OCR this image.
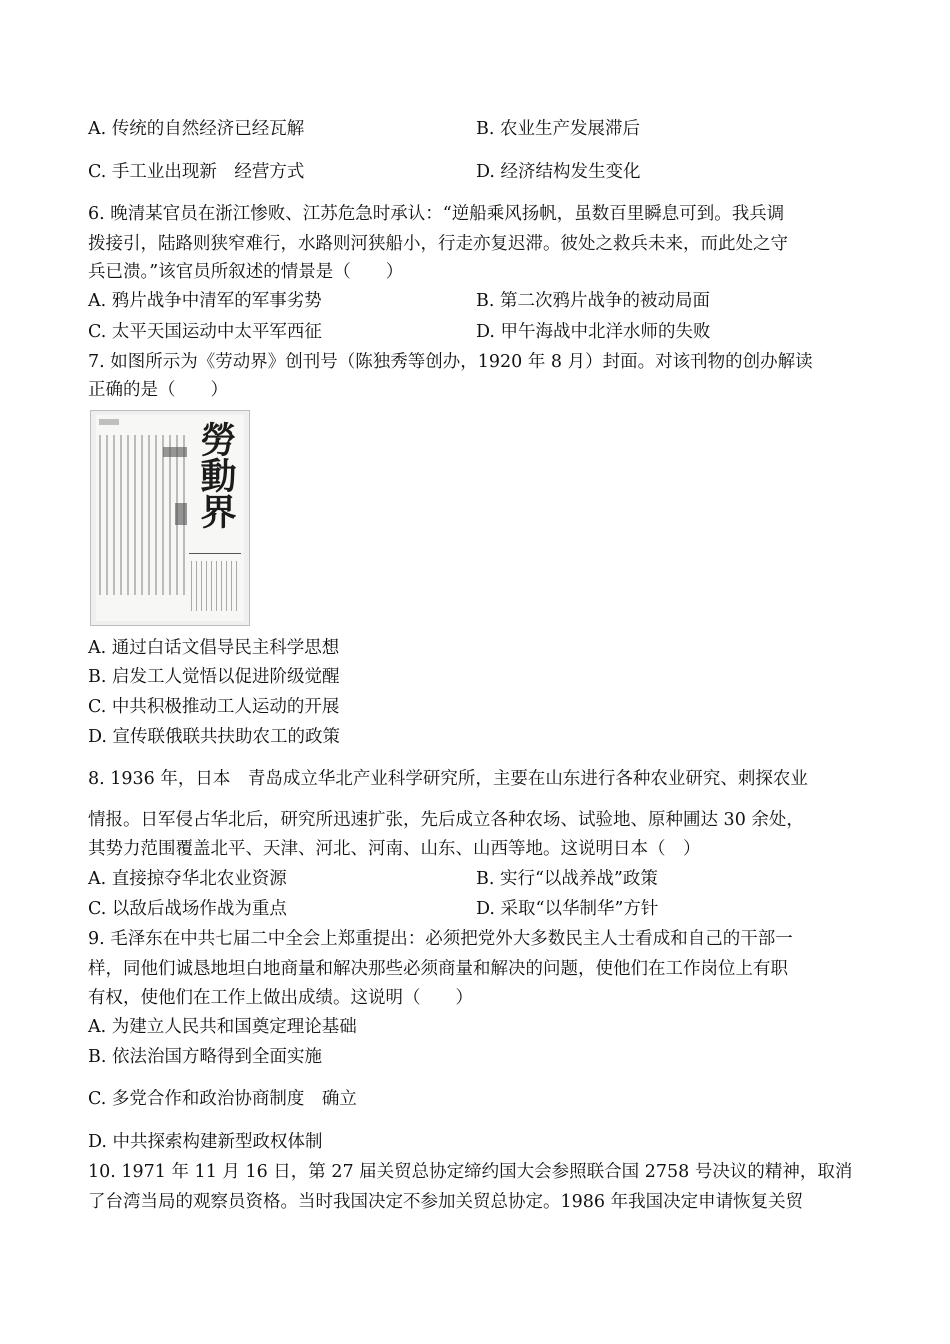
A. 传统的自然经济已经瓦解	B. 农业生产发展滞后
C. 手工业出现新　经营方式	D. 经济结构发生变化
6. 晚清某官员在浙江惨败、江苏危急时承认：“逆船乘风扬帆，虽数百里瞬息可到。我兵调
拨接引，陆路则狭窄难行，水路则河狭船小，行走亦复迟滞。彼处之救兵未来，而此处之守
兵已溃。”该官员所叙述的情景是（　　）
A. 鸦片战争中清军的军事劣势	B. 第二次鸦片战争的被动局面
C. 太平天国运动中太平军西征	D. 甲午海战中北洋水师的失败
7. 如图所示为《劳动界》创刊号（陈独秀等创办，1920 年 8 月）封面。对该刊物的创办解读
正确的是（　　）
勞動界
A. 通过白话文倡导民主科学思想
B. 启发工人觉悟以促进阶级觉醒
C. 中共积极推动工人运动的开展
D. 宣传联俄联共扶助农工的政策
8. 1936 年，日本　青岛成立华北产业科学研究所，主要在山东进行各种农业研究、刺探农业
情报。日军侵占华北后，研究所迅速扩张，先后成立各种农场、试验地、原种圃达 30 余处，
其势力范围覆盖北平、天津、河北、河南、山东、山西等地。这说明日本（　）
A. 直接掠夺华北农业资源	B. 实行“以战养战”政策
C. 以敌后战场作战为重点	D. 采取“以华制华”方针
9. 毛泽东在中共七届二中全会上郑重提出：必须把党外大多数民主人士看成和自己的干部一
样，同他们诚恳地坦白地商量和解决那些必须商量和解决的问题，使他们在工作岗位上有职
有权，使他们在工作上做出成绩。这说明（　　）
A. 为建立人民共和国奠定理论基础
B. 依法治国方略得到全面实施
C. 多党合作和政治协商制度　确立
D. 中共探索构建新型政权体制
10. 1971 年 11 月 16 日，第 27 届关贸总协定缔约国大会参照联合国 2758 号决议的精神，取消
了台湾当局的观察员资格。当时我国决定不参加关贸总协定。1986 年我国决定申请恢复关贸
